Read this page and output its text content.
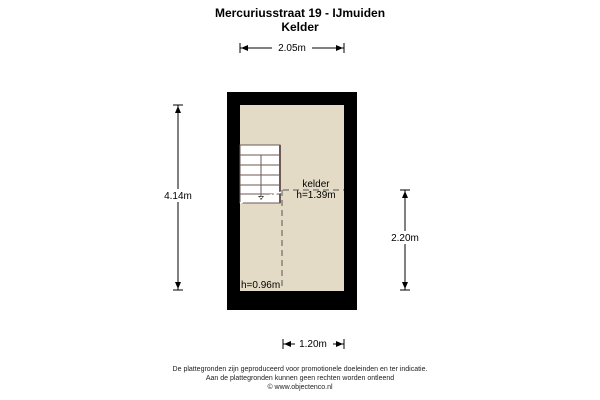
Mercuriusstraat 19 - IJmuiden
Kelder
kelder
h=1.39m
h=0.96m
2.05m
4.14m
2.20m
1.20m
De plattegronden zijn geproduceerd voor promotionele doeleinden en ter indicatie.
Aan de plattegronden kunnen geen rechten worden ontleend
© www.objectenco.nl
